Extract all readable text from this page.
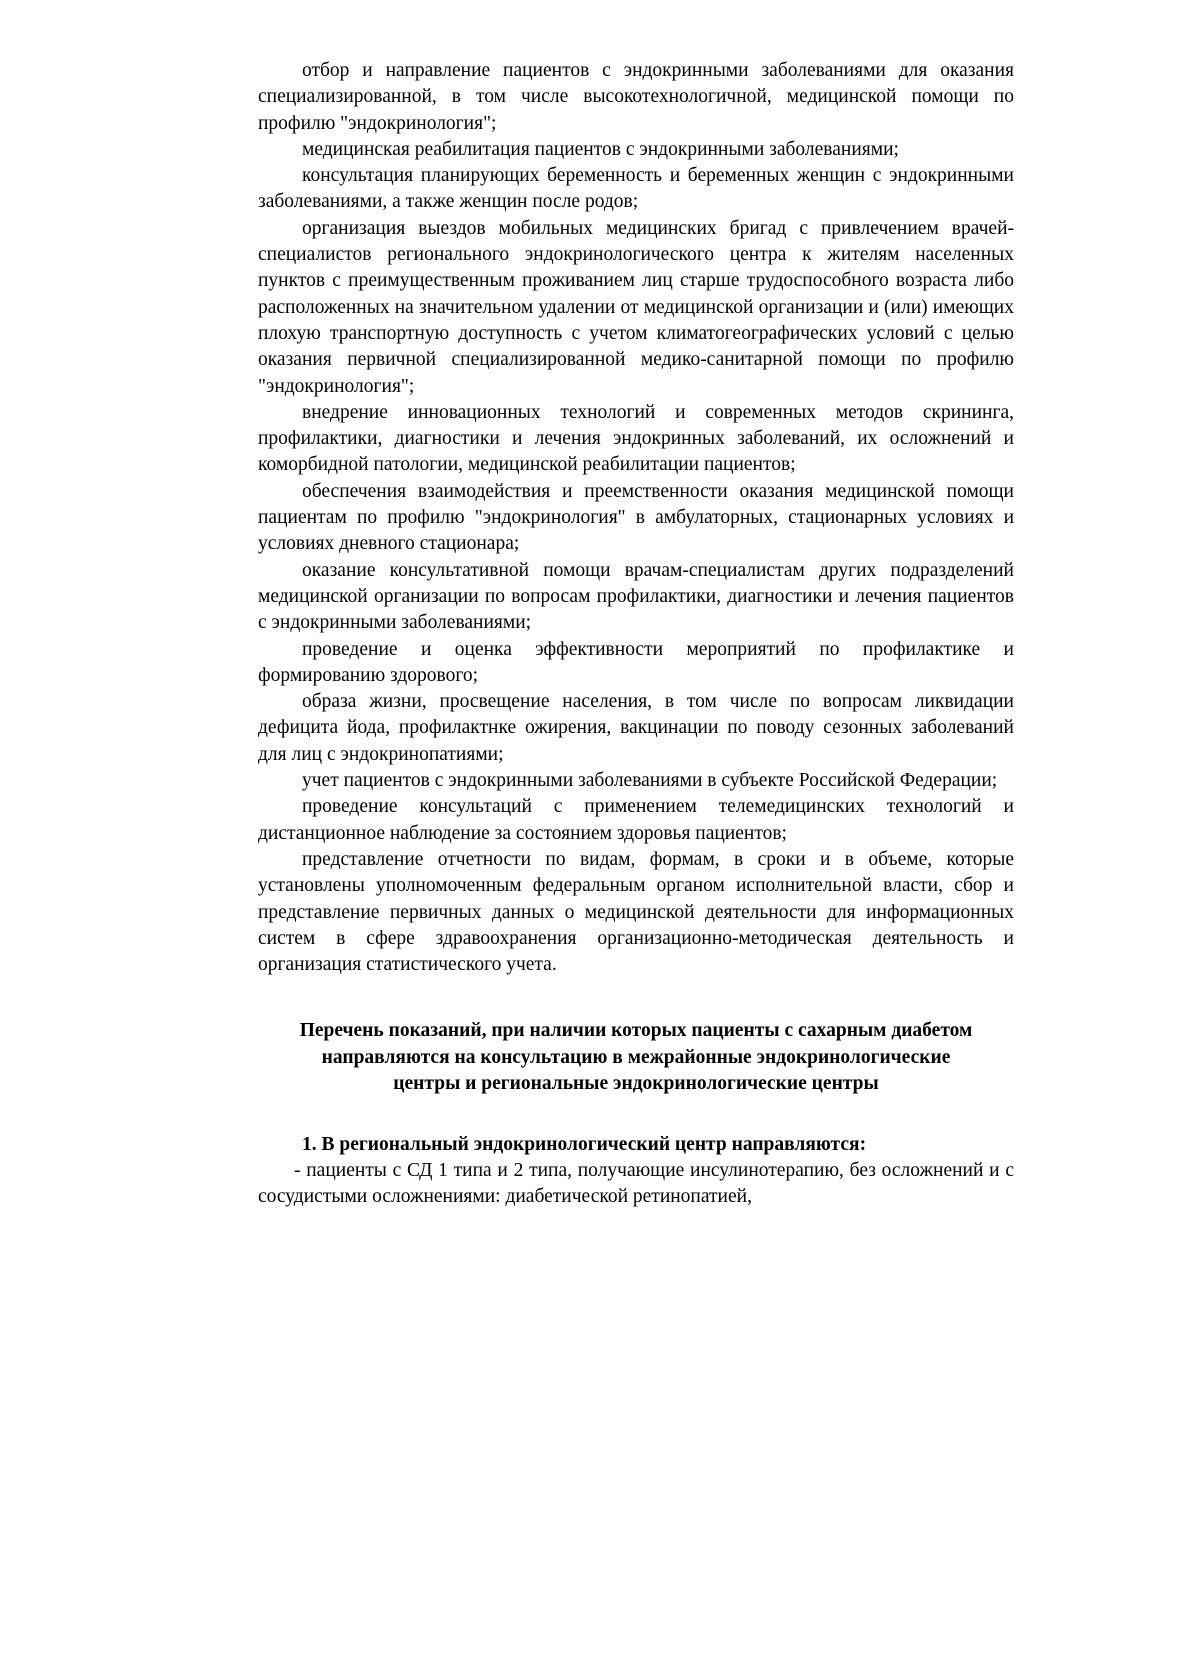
отбор и направление пациентов с эндокринными заболеваниями для оказания специализированной, в том числе высокотехнологичной, медицинской помощи по профилю "эндокринология";

медицинская реабилитация пациентов с эндокринными заболеваниями;

консультация планирующих беременность и беременных женщин с эндокринными заболеваниями, а также женщин после родов;

организация выездов мобильных медицинских бригад с привлечением врачей-специалистов регионального эндокринологического центра к жителям населенных пунктов с преимущественным проживанием лиц старше трудоспособного возраста либо расположенных на значительном удалении от медицинской организации и (или) имеющих плохую транспортную доступность с учетом климатогеографических условий с целью оказания первичной специализированной медико-санитарной помощи по профилю "эндокринология";

внедрение инновационных технологий и современных методов скрининга, профилактики, диагностики и лечения эндокринных заболеваний, их осложнений и коморбидной патологии, медицинской реабилитации пациентов;

обеспечения взаимодействия и преемственности оказания медицинской помощи пациентам по профилю "эндокринология" в амбулаторных, стационарных условиях и условиях дневного стационара;

оказание консультативной помощи врачам-специалистам других подразделений медицинской организации по вопросам профилактики, диагностики и лечения пациентов с эндокринными заболеваниями;

проведение и оценка эффективности мероприятий по профилактике и формированию здорового;

образа жизни, просвещение населения, в том числе по вопросам ликвидации дефицита йода, профилактнке ожирения, вакцинации по поводу сезонных заболеваний для лиц с эндокринопатиями;

учет пациентов с эндокринными заболеваниями в субъекте Российской Федерации;

проведение консультаций с применением телемедицинских технологий и дистанционное наблюдение за состоянием здоровья пациентов;

представление отчетности по видам, формам, в сроки и в объеме, которые установлены уполномоченным федеральным органом исполнительной власти, сбор и представление первичных данных о медицинской деятельности для информационных систем в сфере здравоохранения организационно-методическая деятельность и организация статистического учета.

Перечень показаний, при наличии которых пациенты с сахарным диабетом направляются на консультацию в межрайонные эндокринологические центры и региональные эндокринологические центры

1. В региональный эндокринологический центр направляются:

- пациенты с СД 1 типа и 2 типа, получающие инсулинотерапию, без осложнений и с сосудистыми осложнениями: диабетической ретинопатией,
